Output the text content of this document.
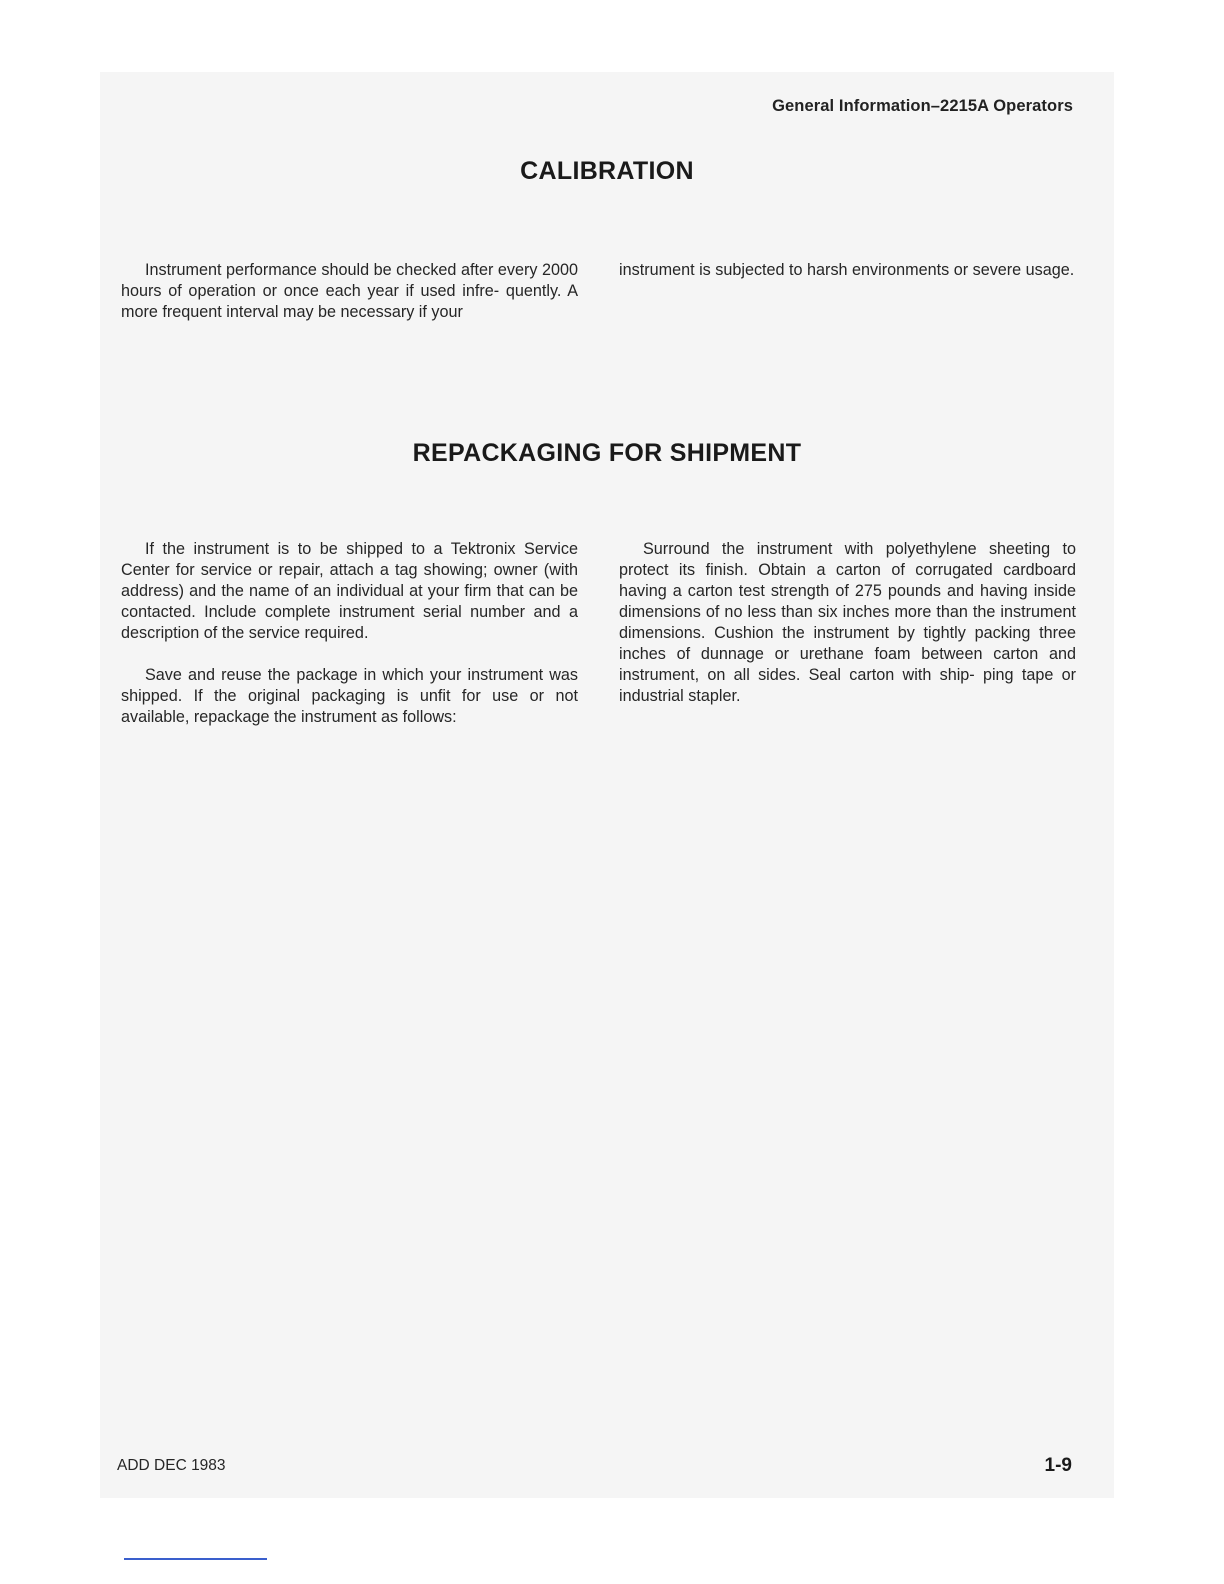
General Information–2215A Operators
CALIBRATION

Instrument performance should be checked after every 2000 hours of operation or once each year if used infre- quently. A more frequent interval may be necessary if your

instrument is subjected to harsh environments or severe usage.

REPACKAGING FOR SHIPMENT

If the instrument is to be shipped to a Tektronix Service Center for service or repair, attach a tag showing; owner (with address) and the name of an individual at your firm that can be contacted. Include complete instrument serial number and a description of the service required.

Save and reuse the package in which your instrument was shipped. If the original packaging is unfit for use or not available, repackage the instrument as follows:

Surround the instrument with polyethylene sheeting to protect its finish. Obtain a carton of corrugated cardboard having a carton test strength of 275 pounds and having inside dimensions of no less than six inches more than the instrument dimensions. Cushion the instrument by tightly packing three inches of dunnage or urethane foam between carton and instrument, on all sides. Seal carton with ship- ping tape or industrial stapler.

ADD DEC 1983	1-9
